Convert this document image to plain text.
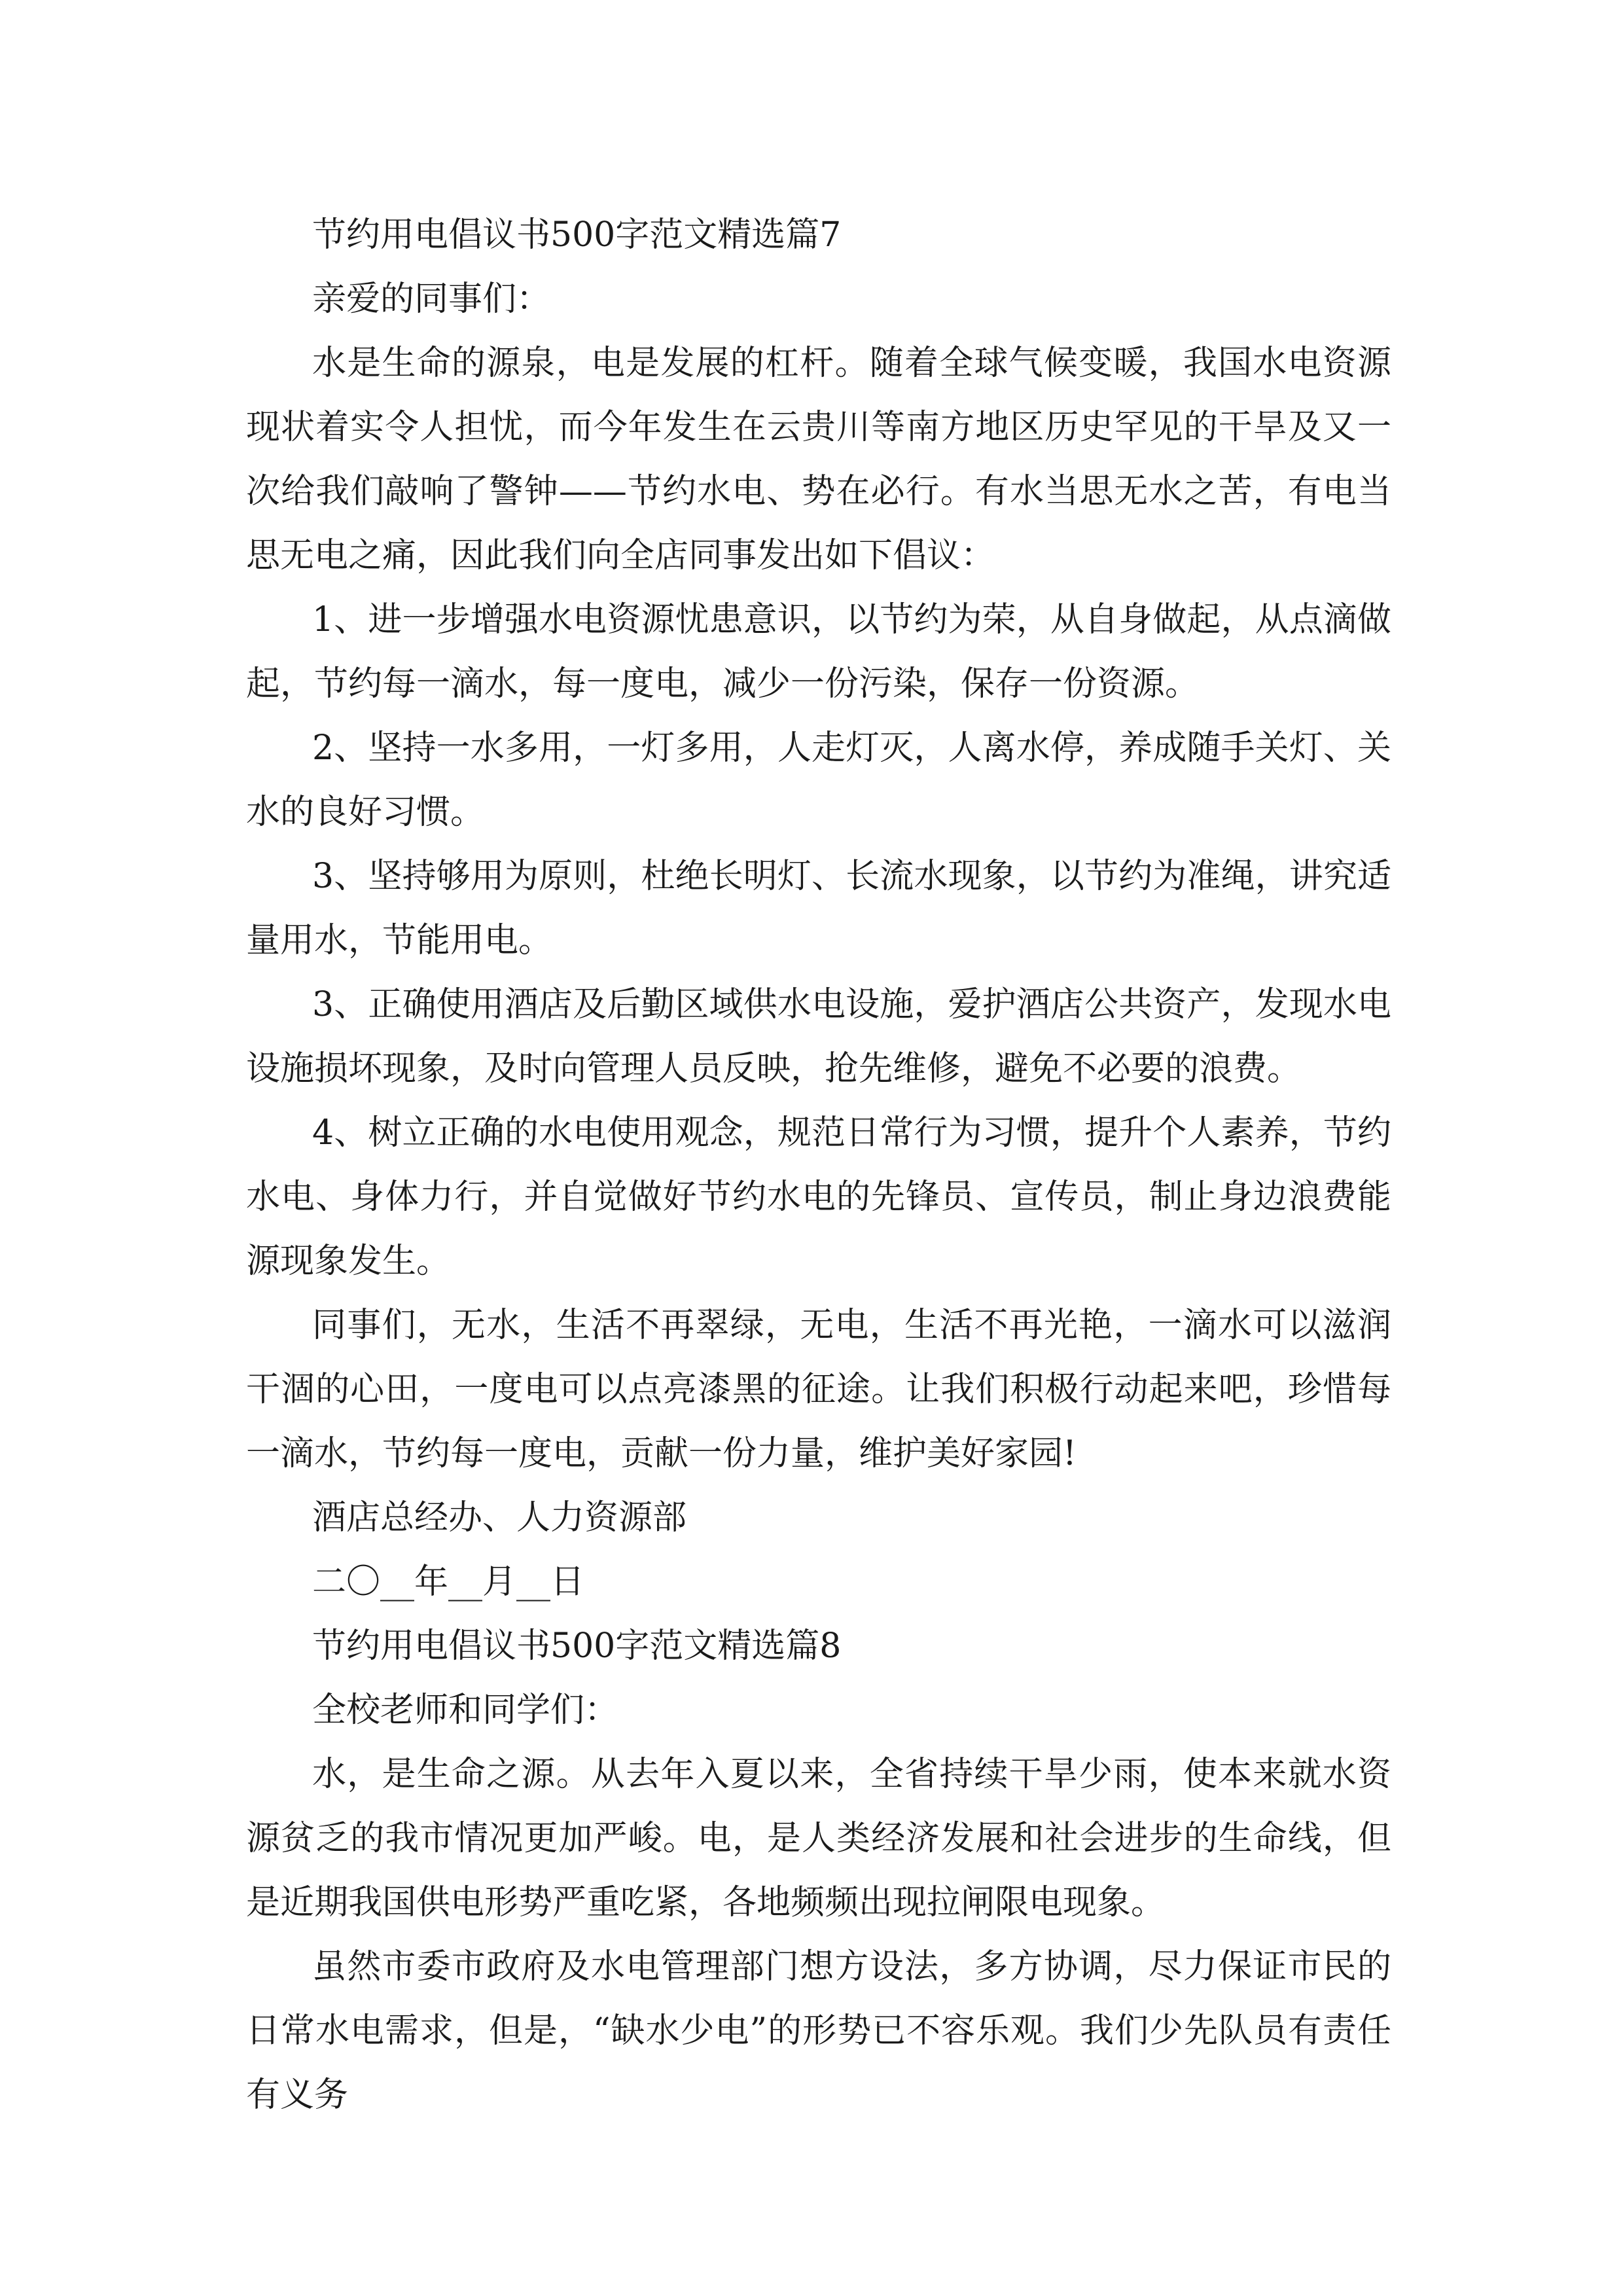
节约用电倡议书500字范文精选篇7
亲爱的同事们：

水是生命的源泉，电是发展的杠杆。随着全球气候变暖，我国水电资源现状着实令人担忧，而今年发生在云贵川等南方地区历史罕见的干旱及又一次给我们敲响了警钟——节约水电、势在必行。有水当思无水之苦，有电当思无电之痛，因此我们向全店同事发出如下倡议：

1、进一步增强水电资源忧患意识，以节约为荣，从自身做起，从点滴做起，节约每一滴水，每一度电，减少一份污染，保存一份资源。

2、坚持一水多用，一灯多用，人走灯灭，人离水停，养成随手关灯、关水的良好习惯。

3、坚持够用为原则，杜绝长明灯、长流水现象，以节约为准绳，讲究适量用水，节能用电。

3、正确使用酒店及后勤区域供水电设施，爱护酒店公共资产，发现水电设施损坏现象，及时向管理人员反映，抢先维修，避免不必要的浪费。

4、树立正确的水电使用观念，规范日常行为习惯，提升个人素养，节约水电、身体力行，并自觉做好节约水电的先锋员、宣传员，制止身边浪费能源现象发生。

同事们，无水，生活不再翠绿，无电，生活不再光艳，一滴水可以滋润干涸的心田，一度电可以点亮漆黑的征途。让我们积极行动起来吧，珍惜每一滴水，节约每一度电，贡献一份力量，维护美好家园!

酒店总经办、人力资源部
二〇__年__月__日
节约用电倡议书500字范文精选篇8
全校老师和同学们：

水，是生命之源。从去年入夏以来，全省持续干旱少雨，使本来就水资源贫乏的我市情况更加严峻。电，是人类经济发展和社会进步的生命线，但是近期我国供电形势严重吃紧，各地频频出现拉闸限电现象。

虽然市委市政府及水电管理部门想方设法，多方协调，尽力保证市民的日常水电需求，但是，“缺水少电”的形势已不容乐观。我们少先队员有责任有义务
